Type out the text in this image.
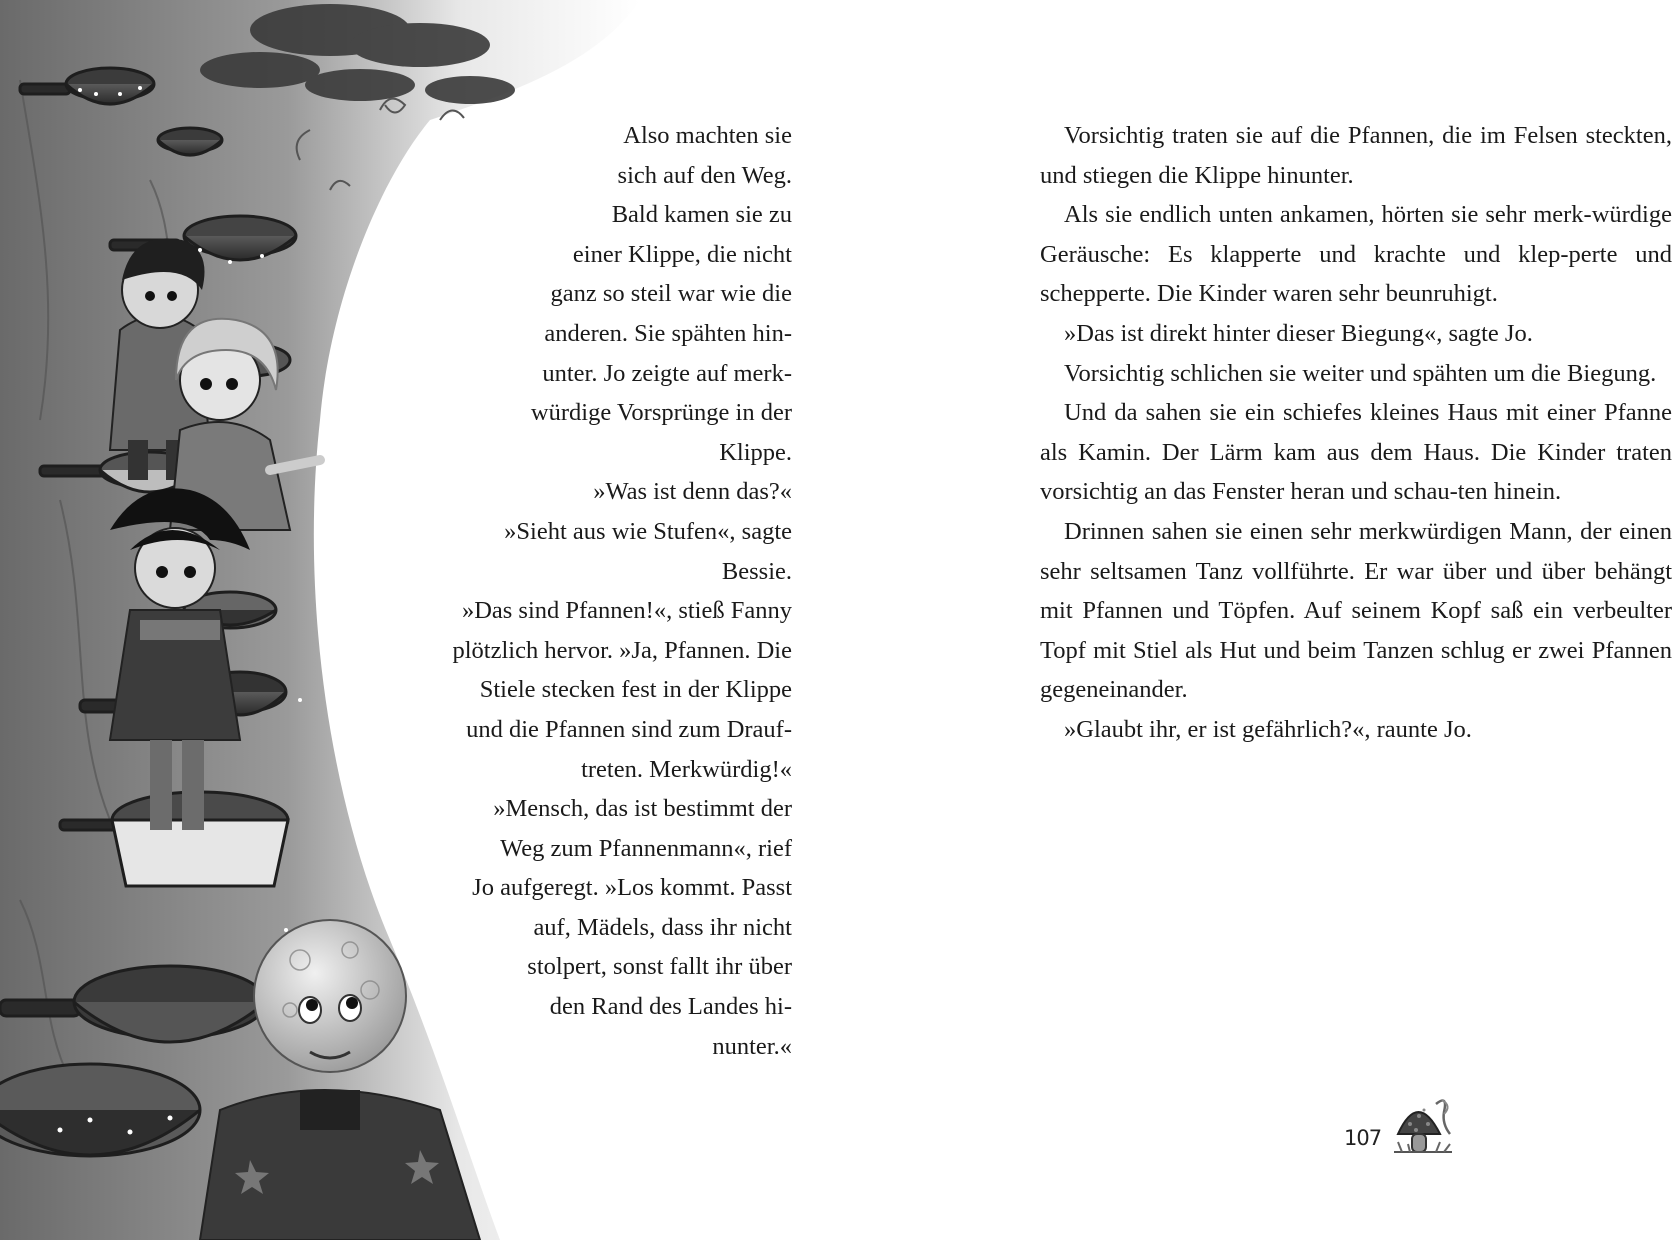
Also machten sie

sich auf den Weg.

Bald kamen sie zu

einer Klippe, die nicht

ganz so steil war wie die

anderen. Sie spähten hin-

unter. Jo zeigte auf merk-

würdige Vorsprünge in der

Klippe.

»Was ist denn das?«

»Sieht aus wie Stufen«, sagte

Bessie.

»Das sind Pfannen!«, stieß Fanny

plötzlich hervor. »Ja, Pfannen. Die

Stiele stecken fest in der Klippe

und die Pfannen sind zum Drauf-

treten. Merkwürdig!«

»Mensch, das ist bestimmt der

Weg zum Pfannenmann«, rief

Jo aufgeregt. »Los kommt. Passt

auf, Mädels, dass ihr nicht

stolpert, sonst fallt ihr über

den Rand des Landes hi-

nunter.«

Vorsichtig traten sie auf die Pfannen, die im Felsen steckten, und stiegen die Klippe hinunter.

Als sie endlich unten ankamen, hörten sie sehr merk-würdige Geräusche: Es klapperte und krachte und klep-perte und schepperte. Die Kinder waren sehr beunruhigt.

»Das ist direkt hinter dieser Biegung«, sagte Jo.

Vorsichtig schlichen sie weiter und spähten um die Biegung.

Und da sahen sie ein schiefes kleines Haus mit einer Pfanne als Kamin. Der Lärm kam aus dem Haus. Die Kinder traten vorsichtig an das Fenster heran und schau-ten hinein.

Drinnen sahen sie einen sehr merkwürdigen Mann, der einen sehr seltsamen Tanz vollführte. Er war über und über behängt mit Pfannen und Töpfen. Auf seinem Kopf saß ein verbeulter Topf mit Stiel als Hut und beim Tanzen schlug er zwei Pfannen gegeneinander.

»Glaubt ihr, er ist gefährlich?«, raunte Jo.

107
